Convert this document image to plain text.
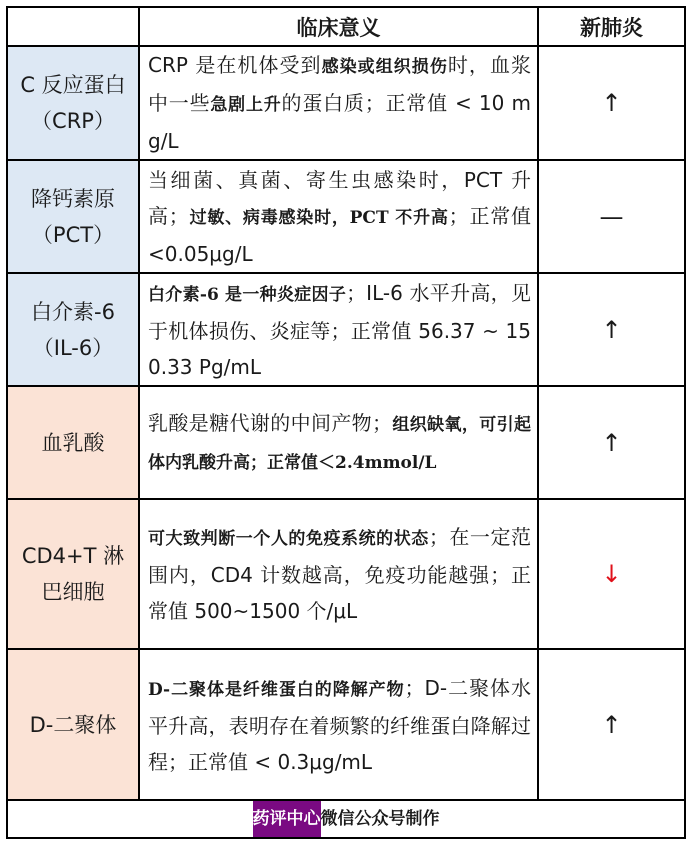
	临床意义	新肺炎
C 反应蛋白（CRP）	CRP 是在机体受到感染或组织损伤时，血浆中一些急剧上升的蛋白质；正常值 < 10 mg/L	↑
降钙素原（PCT）	当细菌、真菌、寄生虫感染时，PCT 升高；过敏、病毒感染时，PCT 不升高；正常值<0.05μg/L	—
白介素-6（IL-6）	白介素-6 是一种炎症因子；IL-6 水平升高，见于机体损伤、炎症等；正常值 56.37 ~ 150.33 Pg/mL	↑
血乳酸	乳酸是糖代谢的中间产物；组织缺氧，可引起体内乳酸升高；正常值＜2.4mmol/L	↑
CD4+T 淋巴细胞	可大致判断一个人的免疫系统的状态；在一定范围内，CD4 计数越高，免疫功能越强；正常值 500~1500 个/μL	↓
D-二聚体	D-二聚体是纤维蛋白的降解产物；D-二聚体水平升高，表明存在着频繁的纤维蛋白降解过程；正常值 < 0.3μg/mL	↑
药评中心微信公众号制作		
